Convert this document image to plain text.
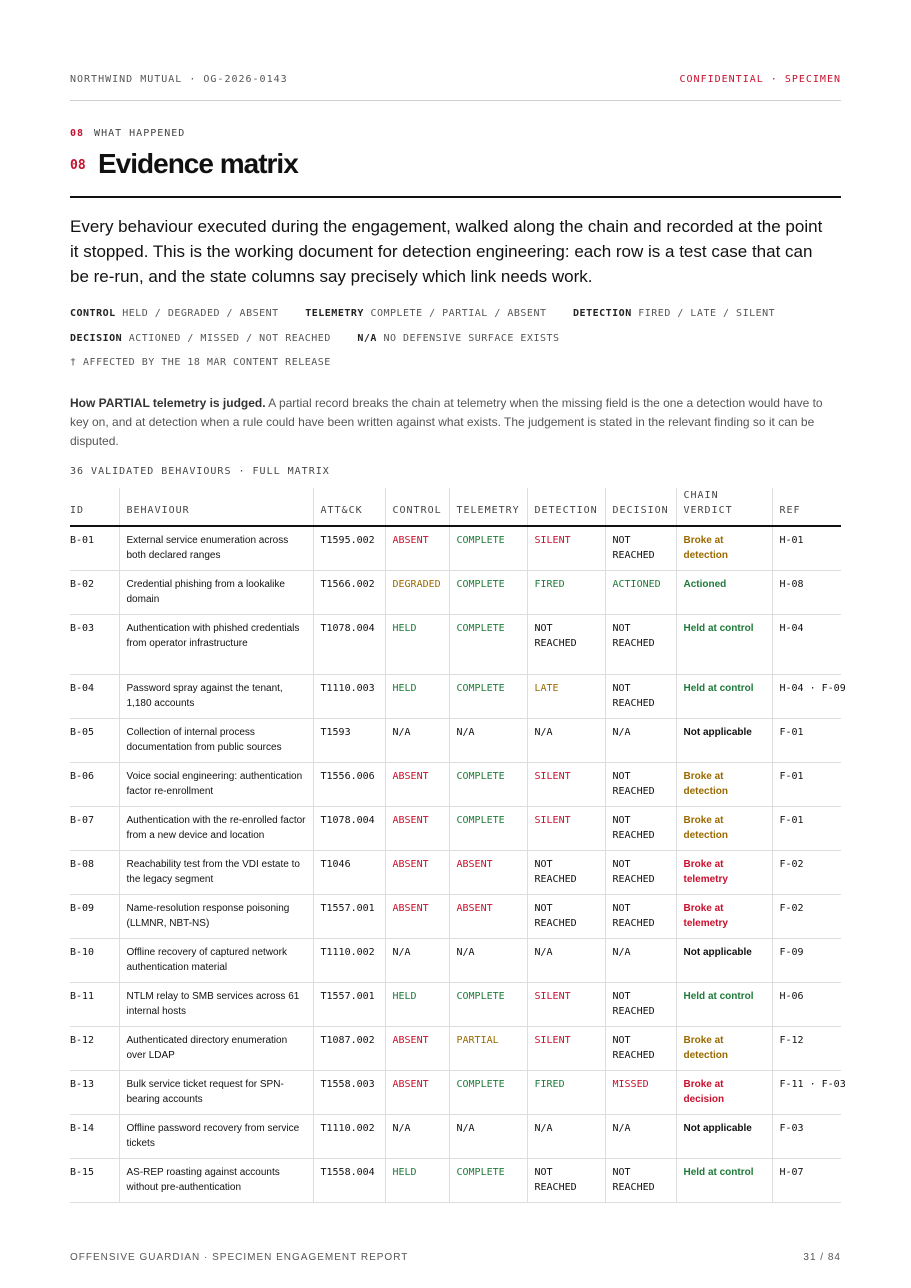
NORTHWIND MUTUAL · OG-2026-0143	CONFIDENTIAL · SPECIMEN
08 WHAT HAPPENED
08 Evidence matrix

Every behaviour executed during the engagement, walked along the chain and recorded at the point it stopped. This is the working document for detection engineering: each row is a test case that can be re-run, and the state columns say precisely which link needs work.

CONTROL HELD / DEGRADED / ABSENT	TELEMETRY COMPLETE / PARTIAL / ABSENT	DETECTION FIRED / LATE / SILENT
DECISION ACTIONED / MISSED / NOT REACHED	N/A NO DEFENSIVE SURFACE EXISTS
† AFFECTED BY THE 18 MAR CONTENT RELEASE

How PARTIAL telemetry is judged. A partial record breaks the chain at telemetry when the missing field is the one a detection would have to key on, and at detection when a rule could have been written against what exists. The judgement is stated in the relevant finding so it can be disputed.

36 VALIDATED BEHAVIOURS · FULL MATRIX
ID	BEHAVIOUR	ATT&CK	CONTROL	TELEMETRY	DETECTION	DECISION	CHAIN VERDICT	REF
B-01	External service enumeration across both declared ranges	T1595.002	ABSENT	COMPLETE	SILENT	NOT REACHED	Broke at detection	H-01
B-02	Credential phishing from a lookalike domain	T1566.002	DEGRADED	COMPLETE	FIRED	ACTIONED	Actioned	H-08
B-03	Authentication with phished credentials from operator infrastructure	T1078.004	HELD	COMPLETE	NOT REACHED	NOT REACHED	Held at control	H-04
B-04	Password spray against the tenant, 1,180 accounts	T1110.003	HELD	COMPLETE	LATE	NOT REACHED	Held at control	H-04 · F-09
B-05	Collection of internal process documentation from public sources	T1593	N/A	N/A	N/A	N/A	Not applicable	F-01
B-06	Voice social engineering: authentication factor re-enrollment	T1556.006	ABSENT	COMPLETE	SILENT	NOT REACHED	Broke at detection	F-01
B-07	Authentication with the re-enrolled factor from a new device and location	T1078.004	ABSENT	COMPLETE	SILENT	NOT REACHED	Broke at detection	F-01
B-08	Reachability test from the VDI estate to the legacy segment	T1046	ABSENT	ABSENT	NOT REACHED	NOT REACHED	Broke at telemetry	F-02
B-09	Name-resolution response poisoning (LLMNR, NBT-NS)	T1557.001	ABSENT	ABSENT	NOT REACHED	NOT REACHED	Broke at telemetry	F-02
B-10	Offline recovery of captured network authentication material	T1110.002	N/A	N/A	N/A	N/A	Not applicable	F-09
B-11	NTLM relay to SMB services across 61 internal hosts	T1557.001	HELD	COMPLETE	SILENT	NOT REACHED	Held at control	H-06
B-12	Authenticated directory enumeration over LDAP	T1087.002	ABSENT	PARTIAL	SILENT	NOT REACHED	Broke at detection	F-12
B-13	Bulk service ticket request for SPN-bearing accounts	T1558.003	ABSENT	COMPLETE	FIRED	MISSED	Broke at decision	F-11 · F-03
B-14	Offline password recovery from service tickets	T1110.002	N/A	N/A	N/A	N/A	Not applicable	F-03
B-15	AS-REP roasting against accounts without pre-authentication	T1558.004	HELD	COMPLETE	NOT REACHED	NOT REACHED	Held at control	H-07
OFFENSIVE GUARDIAN · SPECIMEN ENGAGEMENT REPORT	31 / 84
